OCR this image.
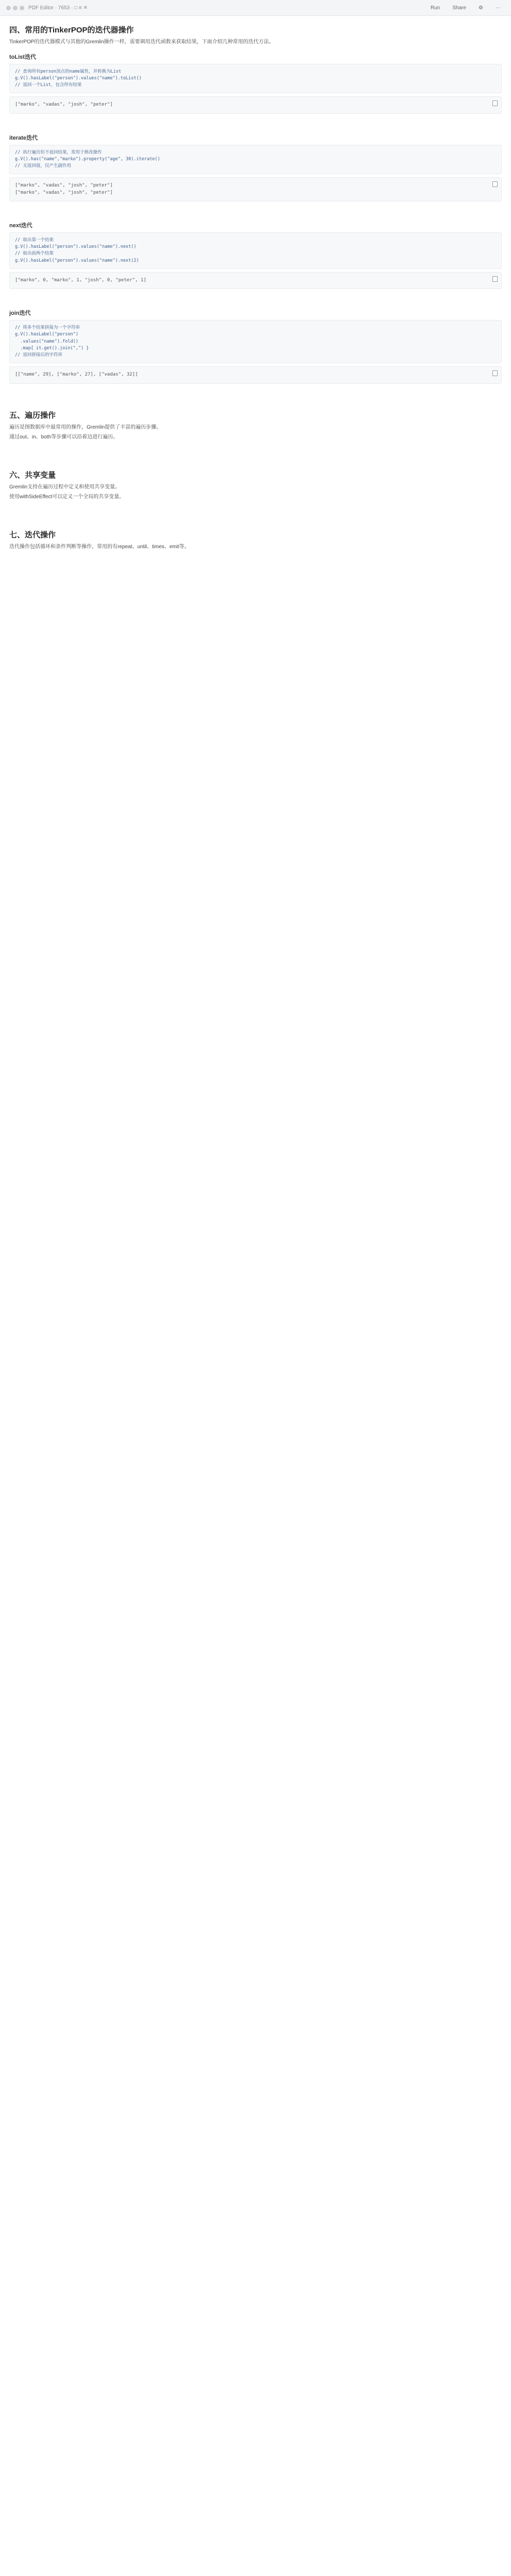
PDF Editor · 7653 · □ ≡ ✕	Run	Share	⚙	⋯
四、常用的TinkerPOP的迭代器操作

TinkerPOP的迭代器模式与其他的Gremlin操作一样，需要调用迭代函数来获取结果，下面介绍几种常用的迭代方法。

toList迭代
// 查询所有person顶点的name属性，并转换为List
g.V().hasLabel("person").values("name").toList()
// 返回一个List，包含所有结果
["marko", "vadas", "josh", "peter"]
iterate迭代
// 执行遍历但不返回结果，常用于修改操作
g.V().has("name","marko").property("age", 30).iterate()
// 无返回值，仅产生副作用
["marko", "vadas", "josh", "peter"]
["marko", "vadas", "josh", "peter"]
next迭代
// 取出第一个结果
g.V().hasLabel("person").values("name").next()
// 取出前两个结果
g.V().hasLabel("person").values("name").next(2)
["marko", 0, "marko", 1, "josh", 0, "peter", 1]
join迭代
// 将多个结果拼接为一个字符串
g.V().hasLabel("person")
.values("name").fold()
.map{ it.get().join(",") }
// 返回拼接后的字符串
[["name", 29], ["marko", 27], ["vadas", 32]]
五、遍历操作

遍历是图数据库中最常用的操作，Gremlin提供了丰富的遍历步骤。

通过out、in、both等步骤可以沿着边进行遍历。

六、共享变量

Gremlin支持在遍历过程中定义和使用共享变量。

使用withSideEffect可以定义一个全局的共享变量。

七、迭代操作

迭代操作包括循环和条件判断等操作，常用的有repeat、until、times、emit等。
